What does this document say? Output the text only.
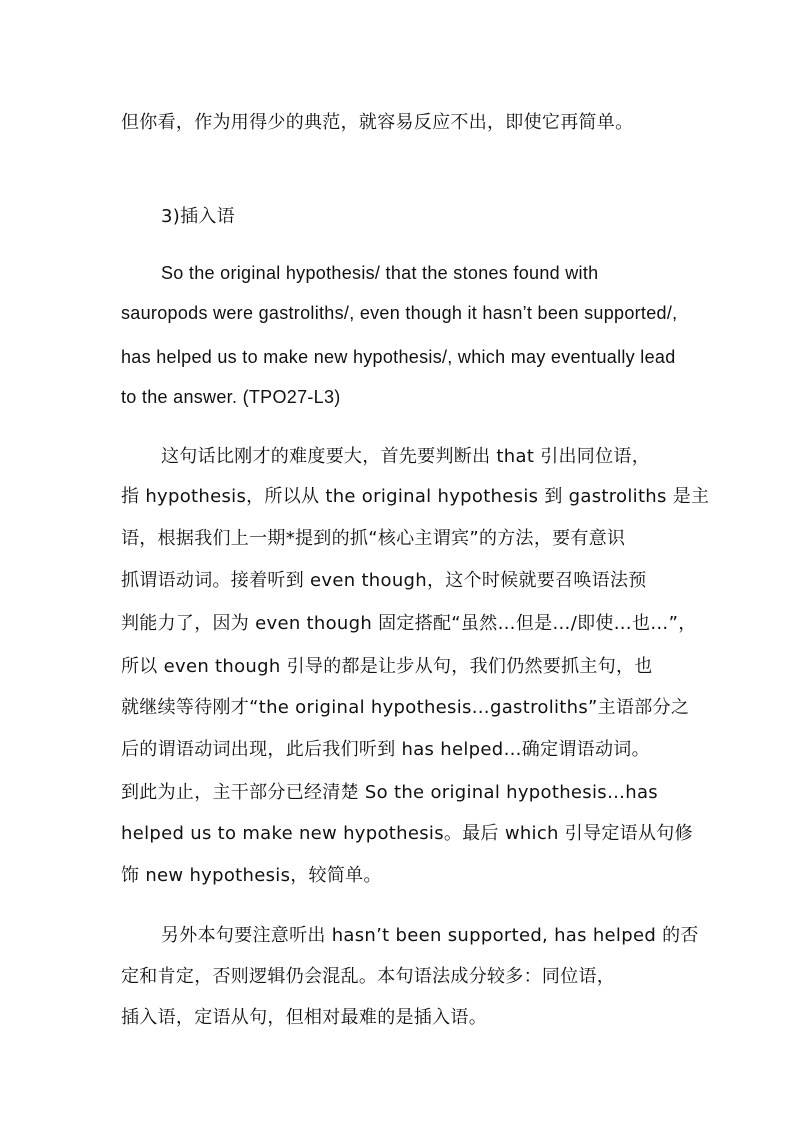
但你看，作为用得少的典范，就容易反应不出，即使它再简单。
3)插入语
So the original hypothesis/ that the stones found with
sauropods were gastroliths/, even though it hasn’t been supported/,
has helped us to make new hypothesis/, which may eventually lead
to the answer. (TPO27-L3)
这句话比刚才的难度要大，首先要判断出 that 引出同位语，
指 hypothesis，所以从 the original hypothesis 到 gastroliths 是主
语，根据我们上一期*提到的抓“核心主谓宾”的方法，要有意识
抓谓语动词。接着听到 even though，这个时候就要召唤语法预
判能力了，因为 even though 固定搭配“虽然…但是…/即使…也…”，
所以 even though 引导的都是让步从句，我们仍然要抓主句，也
就继续等待刚才“the original hypothesis…gastroliths”主语部分之
后的谓语动词出现，此后我们听到 has helped…确定谓语动词。
到此为止，主干部分已经清楚 So the original hypothesis…has
helped us to make new hypothesis。最后 which 引导定语从句修
饰 new hypothesis，较简单。
另外本句要注意听出 hasn’t been supported, has helped 的否
定和肯定，否则逻辑仍会混乱。本句语法成分较多：同位语，
插入语，定语从句，但相对最难的是插入语。
